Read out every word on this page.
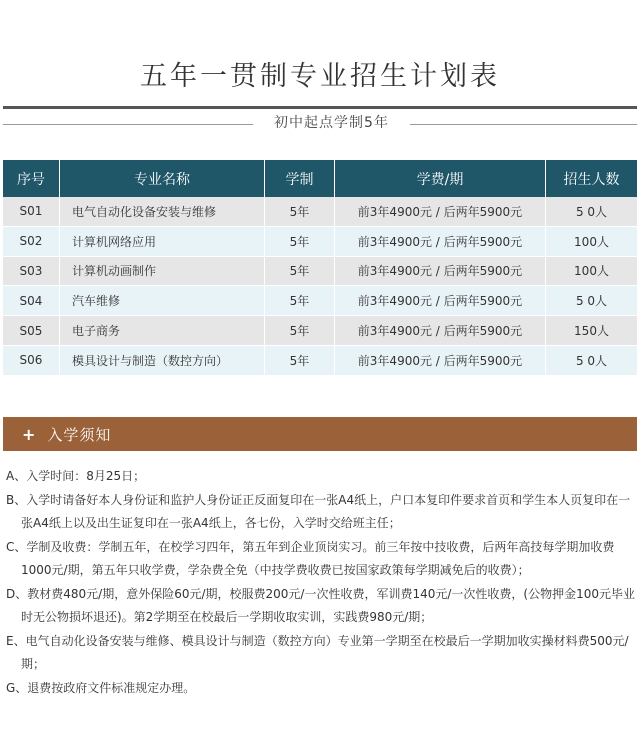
五年一贯制专业招生计划表
初中起点学制5年
序号	专业名称	学制	学费/期	招生人数
S01	电气自动化设备安装与维修	5年	前3年4900元 / 后两年5900元	5 0人
S02	计算机网络应用	5年	前3年4900元 / 后两年5900元	100人
S03	计算机动画制作	5年	前3年4900元 / 后两年5900元	100人
S04	汽车维修	5年	前3年4900元 / 后两年5900元	5 0人
S05	电子商务	5年	前3年4900元 / 后两年5900元	150人
S06	模具设计与制造（数控方向）	5年	前3年4900元 / 后两年5900元	5 0人
+ 入学须知

A、入学时间：8月25日；

B、入学时请备好本人身份证和监护人身份证正反面复印在一张A4纸上，户口本复印件要求首页和学生本人页复印在一张A4纸上以及出生证复印在一张A4纸上，各七份，入学时交给班主任；

C、学制及收费：学制五年，在校学习四年，第五年到企业顶岗实习。前三年按中技收费，后两年高技每学期加收费1000元/期，第五年只收学费，学杂费全免（中技学费收费已按国家政策每学期减免后的收费）；

D、教材费480元/期，意外保险60元/期，校服费200元/一次性收费，军训费140元/一次性收费，(公物押金100元毕业时无公物损坏退还)。第2学期至在校最后一学期收取实训，实践费980元/期；

E、电气自动化设备安装与维修、模具设计与制造（数控方向）专业第一学期至在校最后一学期加收实操材料费500元/期；

G、退费按政府文件标准规定办理。
